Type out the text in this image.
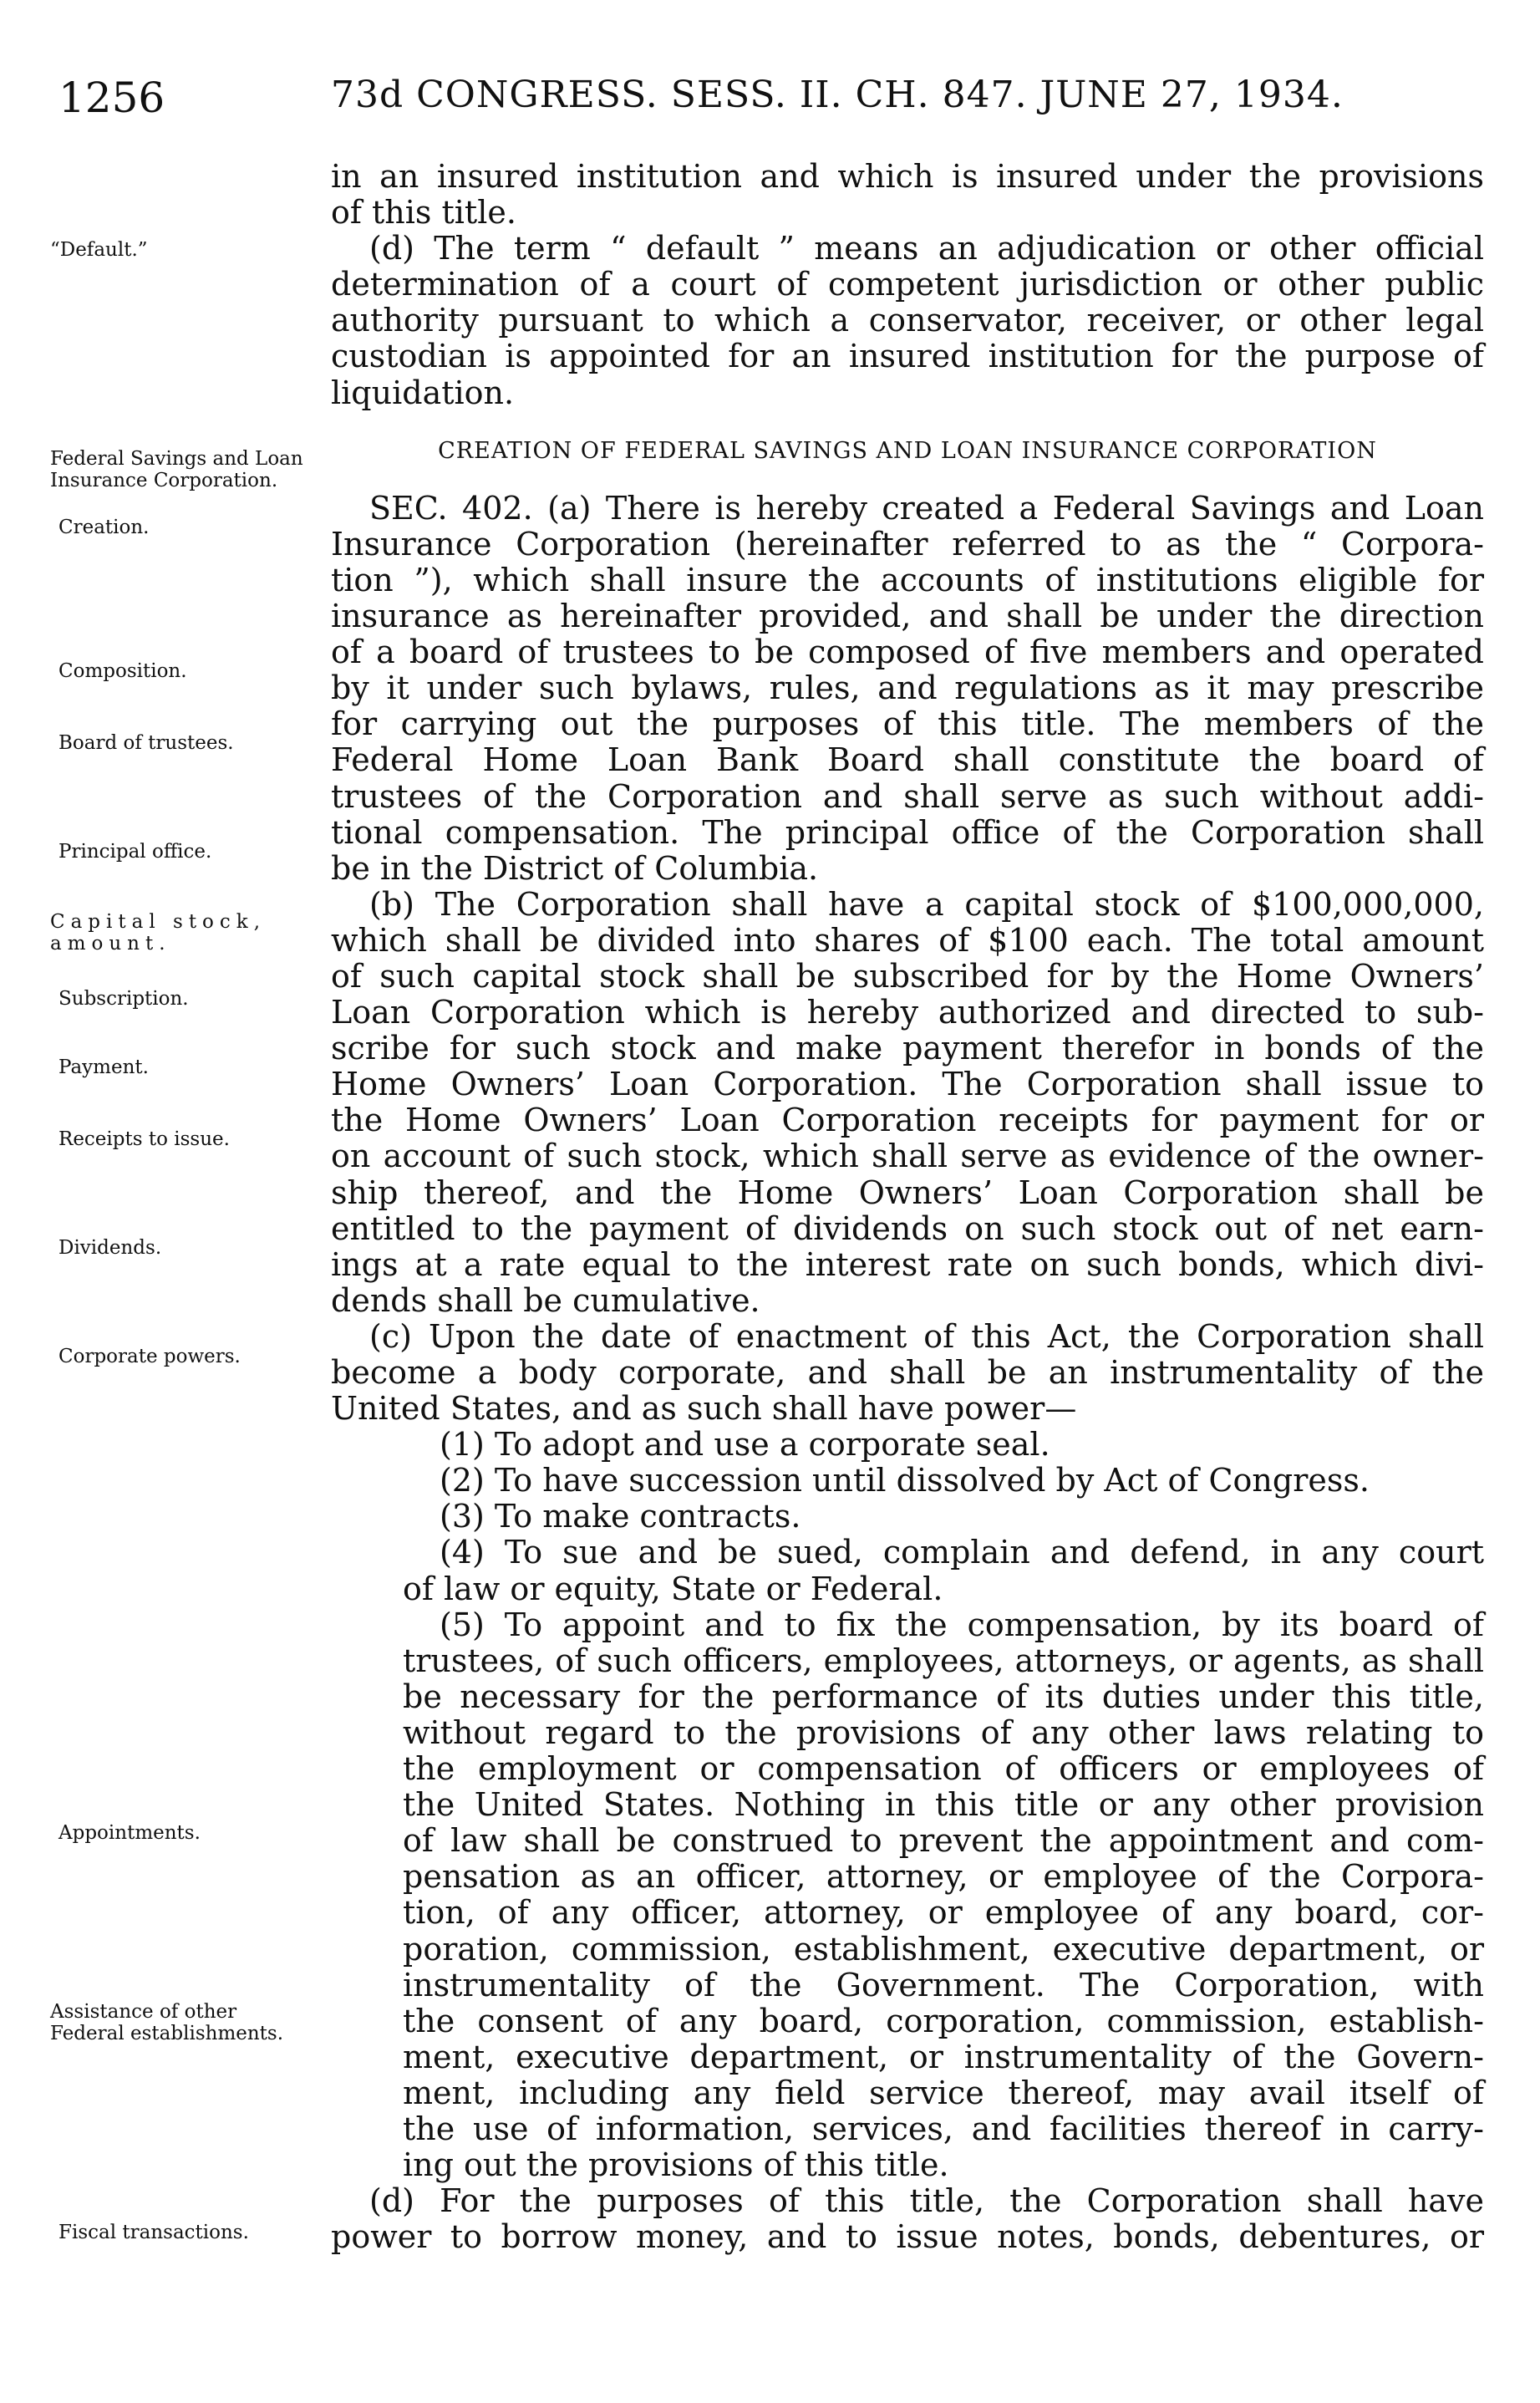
1256	73d CONGRESS. SESS. II. CH. 847. JUNE 27, 1934.
“Default.”
Federal Savings and Loan Insurance Corporation.
Creation.
Composition.
Board of trustees.
Principal office.
Capital stock, amount.
Subscription.
Payment.
Receipts to issue.
Dividends.
Corporate powers.
Appointments.
Assistance of other Federal establishments.
Fiscal transactions.
in an insured institution and which is insured under the provisions
of this title.
(d) The term “ default ” means an adjudication or other official
determination of a court of competent jurisdiction or other public
authority pursuant to which a conservator, receiver, or other legal
custodian is appointed for an insured institution for the purpose of
liquidation.
CREATION OF FEDERAL SAVINGS AND LOAN INSURANCE CORPORATION
SEC. 402. (a) There is hereby created a Federal Savings and Loan
Insurance Corporation (hereinafter referred to as the “ Corpora-
tion ”), which shall insure the accounts of institutions eligible for
insurance as hereinafter provided, and shall be under the direction
of a board of trustees to be composed of five members and operated
by it under such bylaws, rules, and regulations as it may prescribe
for carrying out the purposes of this title. The members of the
Federal Home Loan Bank Board shall constitute the board of
trustees of the Corporation and shall serve as such without addi-
tional compensation. The principal office of the Corporation shall
be in the District of Columbia.
(b) The Corporation shall have a capital stock of $100,000,000,
which shall be divided into shares of $100 each. The total amount
of such capital stock shall be subscribed for by the Home Owners’
Loan Corporation which is hereby authorized and directed to sub-
scribe for such stock and make payment therefor in bonds of the
Home Owners’ Loan Corporation. The Corporation shall issue to
the Home Owners’ Loan Corporation receipts for payment for or
on account of such stock, which shall serve as evidence of the owner-
ship thereof, and the Home Owners’ Loan Corporation shall be
entitled to the payment of dividends on such stock out of net earn-
ings at a rate equal to the interest rate on such bonds, which divi-
dends shall be cumulative.
(c) Upon the date of enactment of this Act, the Corporation shall
become a body corporate, and shall be an instrumentality of the
United States, and as such shall have power—
(1) To adopt and use a corporate seal.
(2) To have succession until dissolved by Act of Congress.
(3) To make contracts.
(4) To sue and be sued, complain and defend, in any court
of law or equity, State or Federal.
(5) To appoint and to fix the compensation, by its board of
trustees, of such officers, employees, attorneys, or agents, as shall
be necessary for the performance of its duties under this title,
without regard to the provisions of any other laws relating to
the employment or compensation of officers or employees of
the United States. Nothing in this title or any other provision
of law shall be construed to prevent the appointment and com-
pensation as an officer, attorney, or employee of the Corpora-
tion, of any officer, attorney, or employee of any board, cor-
poration, commission, establishment, executive department, or
instrumentality of the Government. The Corporation, with
the consent of any board, corporation, commission, establish-
ment, executive department, or instrumentality of the Govern-
ment, including any field service thereof, may avail itself of
the use of information, services, and facilities thereof in carry-
ing out the provisions of this title.
(d) For the purposes of this title, the Corporation shall have
power to borrow money, and to issue notes, bonds, debentures, or
